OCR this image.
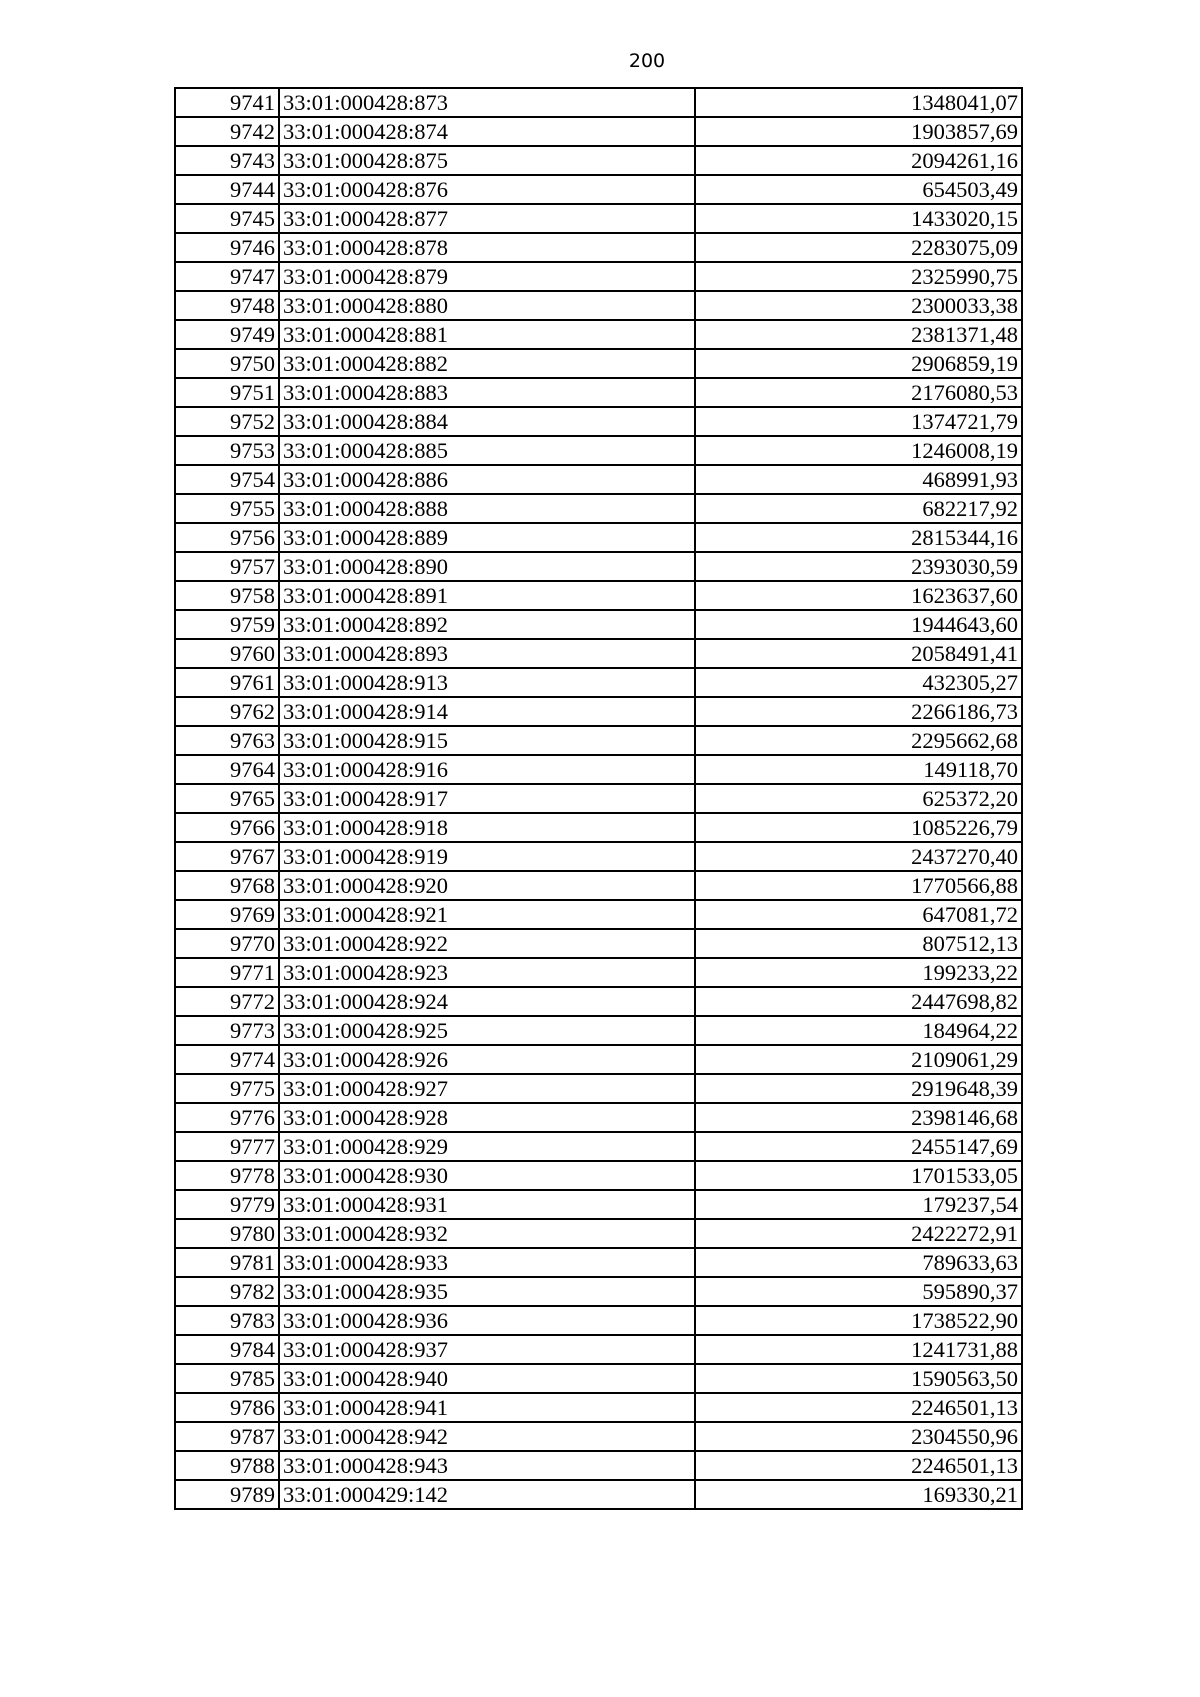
200
9741	33:01:000428:873	1348041,07
9742	33:01:000428:874	1903857,69
9743	33:01:000428:875	2094261,16
9744	33:01:000428:876	654503,49
9745	33:01:000428:877	1433020,15
9746	33:01:000428:878	2283075,09
9747	33:01:000428:879	2325990,75
9748	33:01:000428:880	2300033,38
9749	33:01:000428:881	2381371,48
9750	33:01:000428:882	2906859,19
9751	33:01:000428:883	2176080,53
9752	33:01:000428:884	1374721,79
9753	33:01:000428:885	1246008,19
9754	33:01:000428:886	468991,93
9755	33:01:000428:888	682217,92
9756	33:01:000428:889	2815344,16
9757	33:01:000428:890	2393030,59
9758	33:01:000428:891	1623637,60
9759	33:01:000428:892	1944643,60
9760	33:01:000428:893	2058491,41
9761	33:01:000428:913	432305,27
9762	33:01:000428:914	2266186,73
9763	33:01:000428:915	2295662,68
9764	33:01:000428:916	149118,70
9765	33:01:000428:917	625372,20
9766	33:01:000428:918	1085226,79
9767	33:01:000428:919	2437270,40
9768	33:01:000428:920	1770566,88
9769	33:01:000428:921	647081,72
9770	33:01:000428:922	807512,13
9771	33:01:000428:923	199233,22
9772	33:01:000428:924	2447698,82
9773	33:01:000428:925	184964,22
9774	33:01:000428:926	2109061,29
9775	33:01:000428:927	2919648,39
9776	33:01:000428:928	2398146,68
9777	33:01:000428:929	2455147,69
9778	33:01:000428:930	1701533,05
9779	33:01:000428:931	179237,54
9780	33:01:000428:932	2422272,91
9781	33:01:000428:933	789633,63
9782	33:01:000428:935	595890,37
9783	33:01:000428:936	1738522,90
9784	33:01:000428:937	1241731,88
9785	33:01:000428:940	1590563,50
9786	33:01:000428:941	2246501,13
9787	33:01:000428:942	2304550,96
9788	33:01:000428:943	2246501,13
9789	33:01:000429:142	169330,21
